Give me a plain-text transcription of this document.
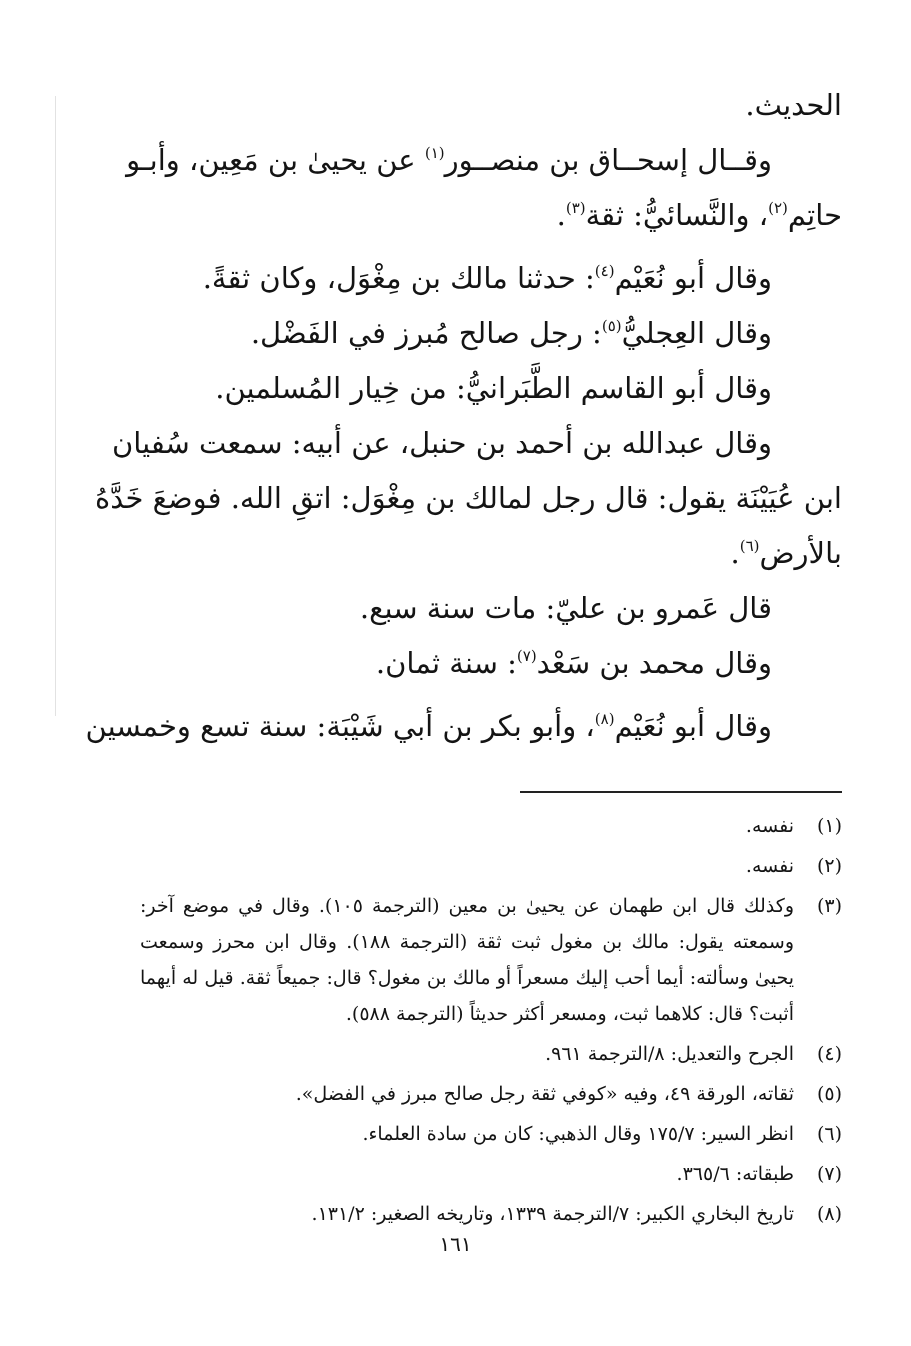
الحديث.
وقــال إسحــاق بن منصــور$^{(١)}$ عن يحيىٰ بن مَعِين، وأبـو
حاتِم$^{(٢)}$، والنَّسائيُّ: ثقة$^{(٣)}$.
وقال أبو نُعَيْم$^{(٤)}$: حدثنا مالك بن مِغْوَل، وكان ثقةً.
وقال العِجليُّ$^{(٥)}$: رجل صالح مُبرز في الفَضْل.
وقال أبو القاسم الطَّبَرانيُّ: من خِيار المُسلمين.
وقال عبدالله بن أحمد بن حنبل، عن أبيه: سمعت سُفيان
ابن عُيَيْنَة يقول: قال رجل لمالك بن مِغْوَل: اتقِ الله. فوضعَ خَدَّهُ
بالأرض$^{(٦)}$.
قال عَمرو بن عليّ: مات سنة سبع.
وقال محمد بن سَعْد$^{(٧)}$: سنة ثمان.
وقال أبو نُعَيْم$^{(٨)}$، وأبو بكر بن أبي شَيْبَة: سنة تسع وخمسين
(١)
نفسه.
(٢)
نفسه.
(٣)
وكذلك قال ابن طهمان عن يحيىٰ بن معين (الترجمة ١٠٥). وقال في موضع آخر: وسمعته يقول: مالك بن مغول ثبت ثقة (الترجمة ١٨٨). وقال ابن محرز وسمعت يحيىٰ وسألته: أيما أحب إليك مسعراً أو مالك بن مغول؟ قال: جميعاً ثقة. قيل له أيهما أثبت؟ قال: كلاهما ثبت، ومسعر أكثر حديثاً (الترجمة ٥٨٨).
(٤)
الجرح والتعديل: ٨/الترجمة ٩٦١.
(٥)
ثقاته، الورقة ٤٩، وفيه «كوفي ثقة رجل صالح مبرز في الفضل».
(٦)
انظر السير: ١٧٥/٧ وقال الذهبي: كان من سادة العلماء.
(٧)
طبقاته: ٣٦٥/٦.
(٨)
تاريخ البخاري الكبير: ٧/الترجمة ١٣٣٩، وتاريخه الصغير: ١٣١/٢.
١٦١
